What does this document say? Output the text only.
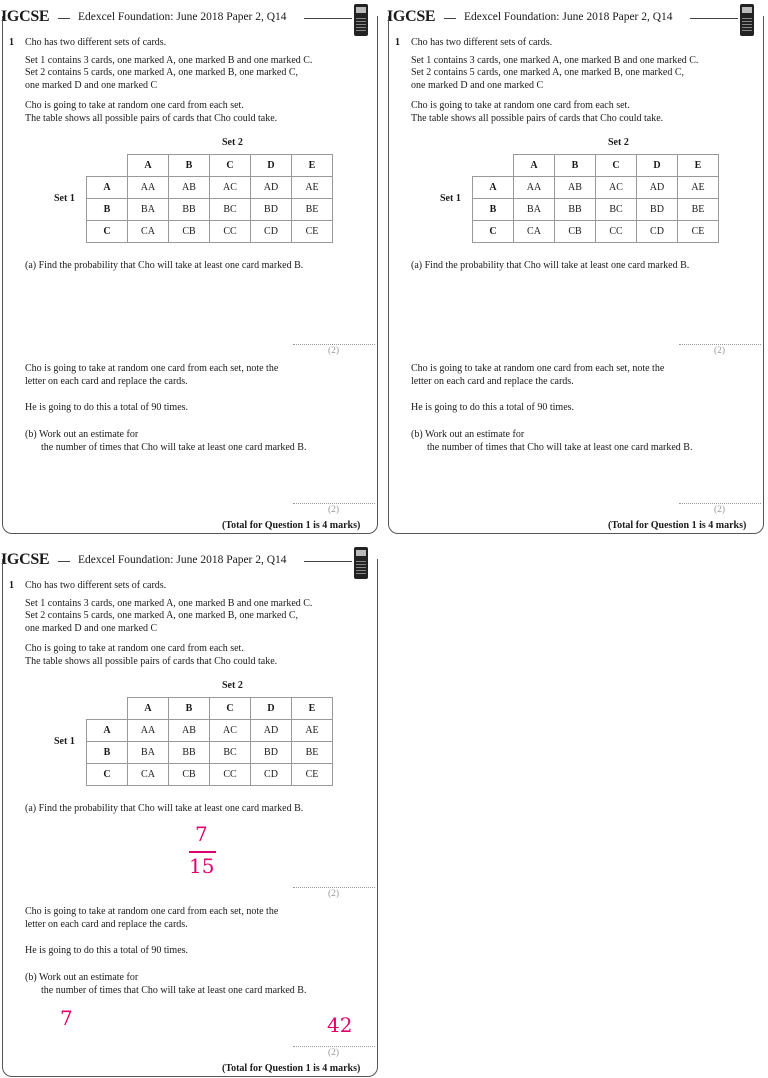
IGCSE Edexcel Foundation: June 2018 Paper 2, Q14
1 Cho has two different sets of cards.
Set 1 contains 3 cards, one marked A, one marked B and one marked C.
Set 2 contains 5 cards, one marked A, one marked B, one marked C,
one marked D and one marked C
Cho is going to take at random one card from each set.
The table shows all possible pairs of cards that Cho could take.
Set 2
Set 1
	A	B	C	D	E
A	AA	AB	AC	AD	AE
B	BA	BB	BC	BD	BE
C	CA	CB	CC	CD	CE
(a) Find the probability that Cho will take at least one card marked B.
(2)
Cho is going to take at random one card from each set, note the
letter on each card and replace the cards.
He is going to do this a total of 90 times.
(b) Work out an estimate for
the number of times that Cho will take at least one card marked B.
(2)
(Total for Question 1 is 4 marks)
IGCSE Edexcel Foundation: June 2018 Paper 2, Q14
1 Cho has two different sets of cards.
Set 1 contains 3 cards, one marked A, one marked B and one marked C.
Set 2 contains 5 cards, one marked A, one marked B, one marked C,
one marked D and one marked C
Cho is going to take at random one card from each set.
The table shows all possible pairs of cards that Cho could take.
Set 2
Set 1
	A	B	C	D	E
A	AA	AB	AC	AD	AE
B	BA	BB	BC	BD	BE
C	CA	CB	CC	CD	CE
(a) Find the probability that Cho will take at least one card marked B.
(2)
Cho is going to take at random one card from each set, note the
letter on each card and replace the cards.
He is going to do this a total of 90 times.
(b) Work out an estimate for
the number of times that Cho will take at least one card marked B.
(2)
(Total for Question 1 is 4 marks)
IGCSE Edexcel Foundation: June 2018 Paper 2, Q14
1 Cho has two different sets of cards.
Set 1 contains 3 cards, one marked A, one marked B and one marked C.
Set 2 contains 5 cards, one marked A, one marked B, one marked C,
one marked D and one marked C
Cho is going to take at random one card from each set.
The table shows all possible pairs of cards that Cho could take.
Set 2
Set 1
	A	B	C	D	E
A	AA	AB	AC	AD	AE
B	BA	BB	BC	BD	BE
C	CA	CB	CC	CD	CE
(a) Find the probability that Cho will take at least one card marked B.
(2)
Cho is going to take at random one card from each set, note the
letter on each card and replace the cards.
He is going to do this a total of 90 times.
(b) Work out an estimate for
the number of times that Cho will take at least one card marked B.
(2)
(Total for Question 1 is 4 marks)
7
15
7	42
